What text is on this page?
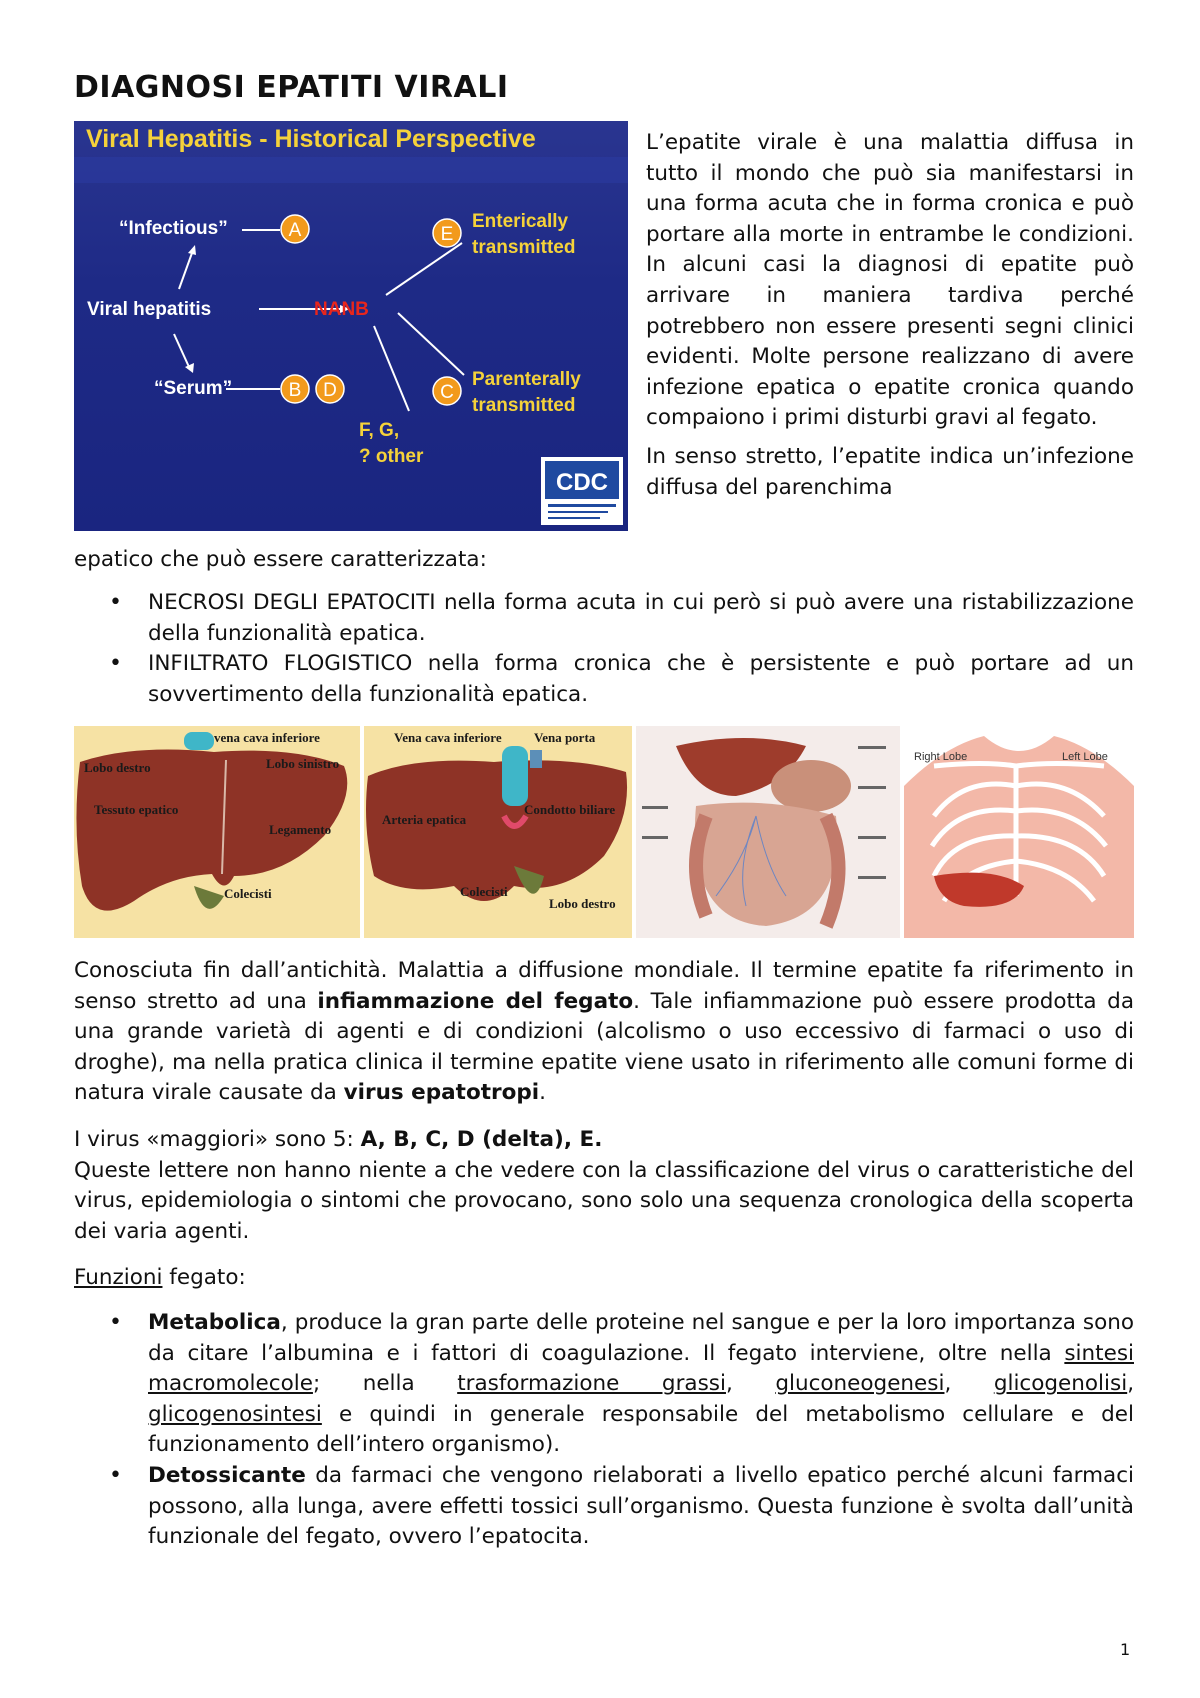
DIAGNOSI EPATITI VIRALI
Viral Hepatitis - Historical Perspective
“Infectious”
Viral hepatitis
“Serum”
NANB
A
B D
E
C
Enterically
transmitted
Parenterally
transmitted
F, G,
? other
CDC

L’epatite virale è una malattia diffusa in tutto il mondo che può sia manifestarsi in una forma acuta che in forma cronica e può portare alla morte in entrambe le condizioni. In alcuni casi la diagnosi di epatite può arrivare in maniera tardiva perché potrebbero non essere presenti segni clinici evidenti. Molte persone realizzano di avere infezione epatica o epatite cronica quando compaiono i primi disturbi gravi al fegato.

In senso stretto, l’epatite indica un’infezione diffusa del parenchima

epatico che può essere caratterizzata:

• NECROSI DEGLI EPATOCITI nella forma acuta in cui però si può avere una ristabilizzazione della funzionalità epatica.
• INFILTRATO FLOGISTICO nella forma cronica che è persistente e può portare ad un sovvertimento della funzionalità epatica.
vena cava inferiore
Lobo destro	Lobo sinistro
Tessuto epatico
Legamento
Colecisti
Vena cava inferiore Vena porta
Arteria epatica
Condotto biliare
Colecisti
Lobo destro
Right Lobe	Left Lobe

Conosciuta fin dall’antichità. Malattia a diffusione mondiale. Il termine epatite fa riferimento in senso stretto ad una infiammazione del fegato. Tale infiammazione può essere prodotta da una grande varietà di agenti e di condizioni (alcolismo o uso eccessivo di farmaci o uso di droghe), ma nella pratica clinica il termine epatite viene usato in riferimento alle comuni forme di natura virale causate da virus epatotropi.

I virus «maggiori» sono 5: A, B, C, D (delta), E.

Queste lettere non hanno niente a che vedere con la classificazione del virus o caratteristiche del virus, epidemiologia o sintomi che provocano, sono solo una sequenza cronologica della scoperta dei varia agenti.

Funzioni fegato:

• Metabolica, produce la gran parte delle proteine nel sangue e per la loro importanza sono da citare l’albumina e i fattori di coagulazione. Il fegato interviene, oltre nella sintesi macromolecole; nella trasformazione grassi, gluconeogenesi, glicogenolisi, glicogenosintesi e quindi in generale responsabile del metabolismo cellulare e del funzionamento dell’intero organismo).
• Detossicante da farmaci che vengono rielaborati a livello epatico perché alcuni farmaci possono, alla lunga, avere effetti tossici sull’organismo. Questa funzione è svolta dall’unità funzionale del fegato, ovvero l’epatocita.
1
